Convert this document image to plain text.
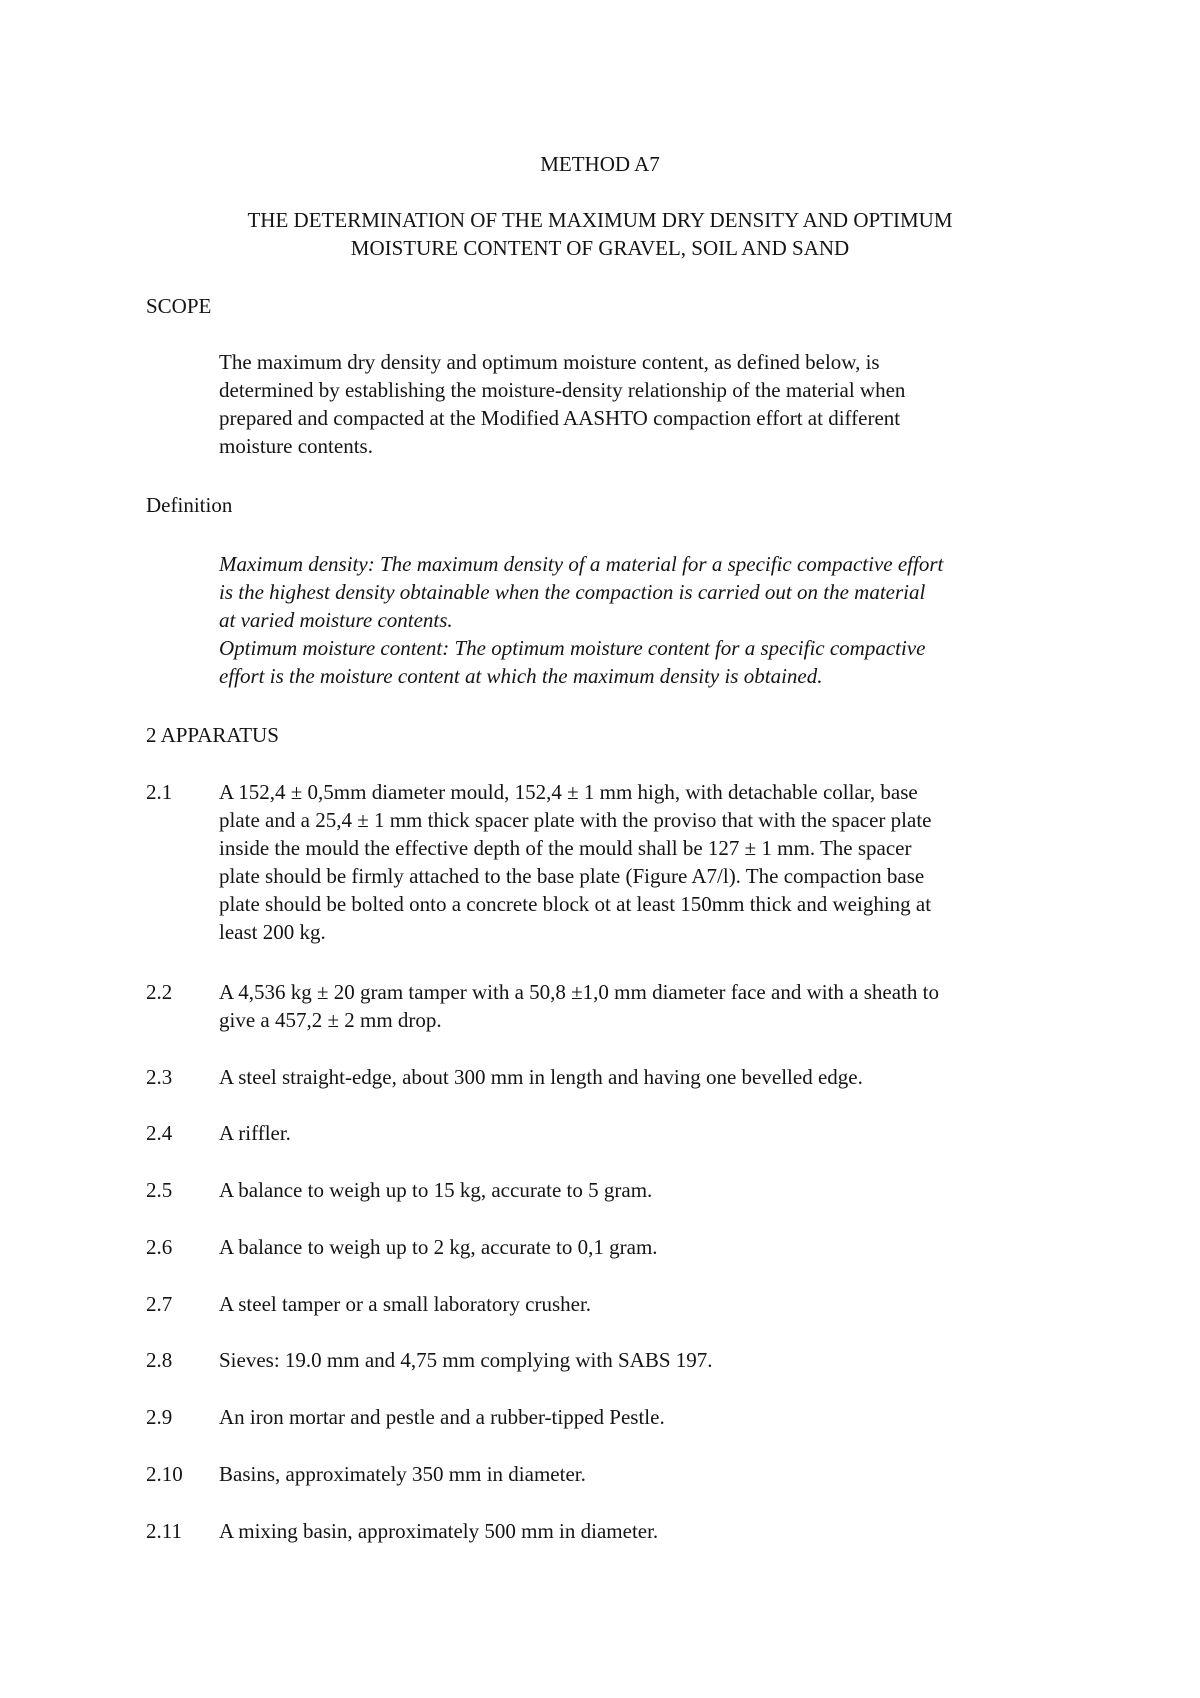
METHOD A7
THE DETERMINATION OF THE MAXIMUM DRY DENSITY AND OPTIMUM
MOISTURE CONTENT OF GRAVEL, SOIL AND SAND
SCOPE
The maximum dry density and optimum moisture content, as defined below, is
determined by establishing the moisture-density relationship of the material when
prepared and compacted at the Modified AASHTO compaction effort at different
moisture contents.
Definition
Maximum density: The maximum density of a material for a specific compactive effort
is the highest density obtainable when the compaction is carried out on the material
at varied moisture contents.
Optimum moisture content: The optimum moisture content for a specific compactive
effort is the moisture content at which the maximum density is obtained.
2 APPARATUS
2.1	A 152,4 ± 0,5mm diameter mould, 152,4 ± 1 mm high, with detachable collar, base
plate and a 25,4 ± 1 mm thick spacer plate with the proviso that with the spacer plate
inside the mould the effective depth of the mould shall be 127 ± 1 mm. The spacer
plate should be firmly attached to the base plate (Figure A7/l). The compaction base
plate should be bolted onto a concrete block ot at least 150mm thick and weighing at
least 200 kg.
2.2	A 4,536 kg ± 20 gram tamper with a 50,8 ±1,0 mm diameter face and with a sheath to
give a 457,2 ± 2 mm drop.
2.3	A steel straight-edge, about 300 mm in length and having one bevelled edge.
2.4	A riffler.
2.5	A balance to weigh up to 15 kg, accurate to 5 gram.
2.6	A balance to weigh up to 2 kg, accurate to 0,1 gram.
2.7	A steel tamper or a small laboratory crusher.
2.8	Sieves: 19.0 mm and 4,75 mm complying with SABS 197.
2.9	An iron mortar and pestle and a rubber-tipped Pestle.
2.10	Basins, approximately 350 mm in diameter.
2.11	A mixing basin, approximately 500 mm in diameter.
